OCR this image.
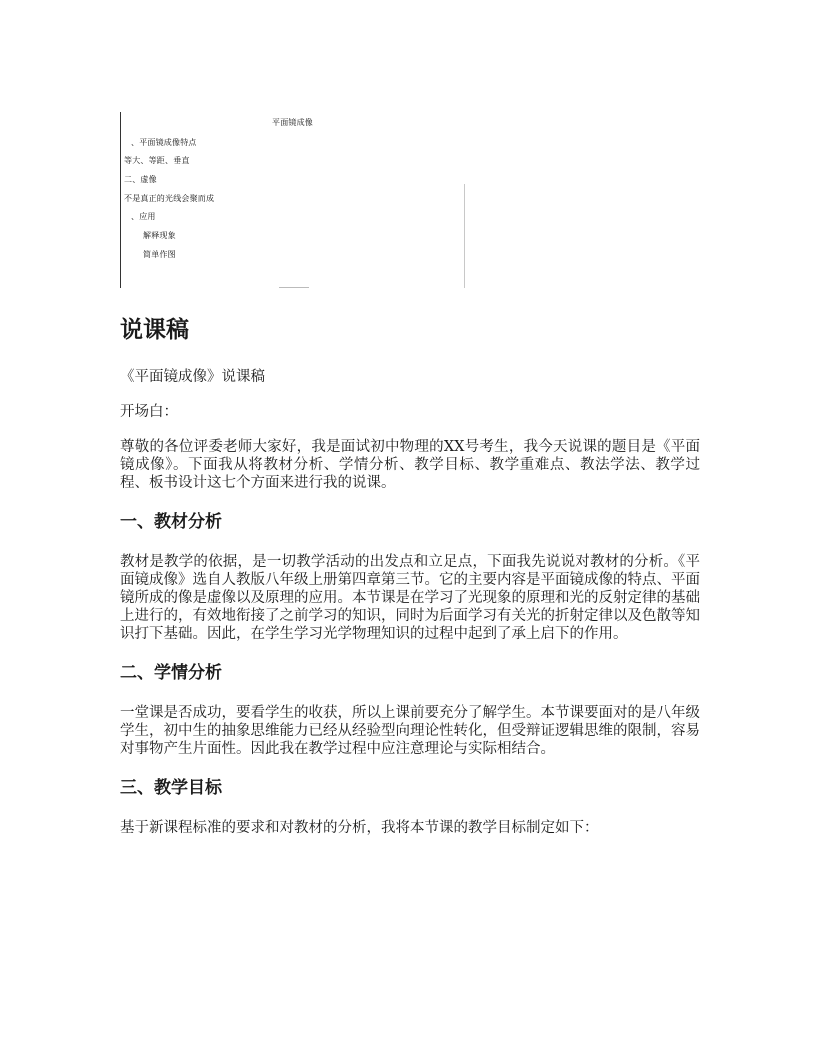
平面镜成像
、平面镜成像特点
等大、等距、垂直
二、虚像
不是真正的光线会聚而成
、应用
解释现象
简单作图
说课稿

《平面镜成像》说课稿

开场白：

尊敬的各位评委老师大家好，我是面试初中物理的XX号考生，我今天说课的题目是《平面镜成像》。下面我从将教材分析、学情分析、教学目标、教学重难点、教法学法、教学过程、板书设计这七个方面来进行我的说课。

一、教材分析

教材是教学的依据，是一切教学活动的出发点和立足点，下面我先说说对教材的分析。《平面镜成像》选自人教版八年级上册第四章第三节。它的主要内容是平面镜成像的特点、平面镜所成的像是虚像以及原理的应用。本节课是在学习了光现象的原理和光的反射定律的基础上进行的，有效地衔接了之前学习的知识，同时为后面学习有关光的折射定律以及色散等知识打下基础。因此，在学生学习光学物理知识的过程中起到了承上启下的作用。

二、学情分析

一堂课是否成功，要看学生的收获，所以上课前要充分了解学生。本节课要面对的是八年级学生，初中生的抽象思维能力已经从经验型向理论性转化，但受辩证逻辑思维的限制，容易对事物产生片面性。因此我在教学过程中应注意理论与实际相结合。

三、教学目标

基于新课程标准的要求和对教材的分析，我将本节课的教学目标制定如下：
